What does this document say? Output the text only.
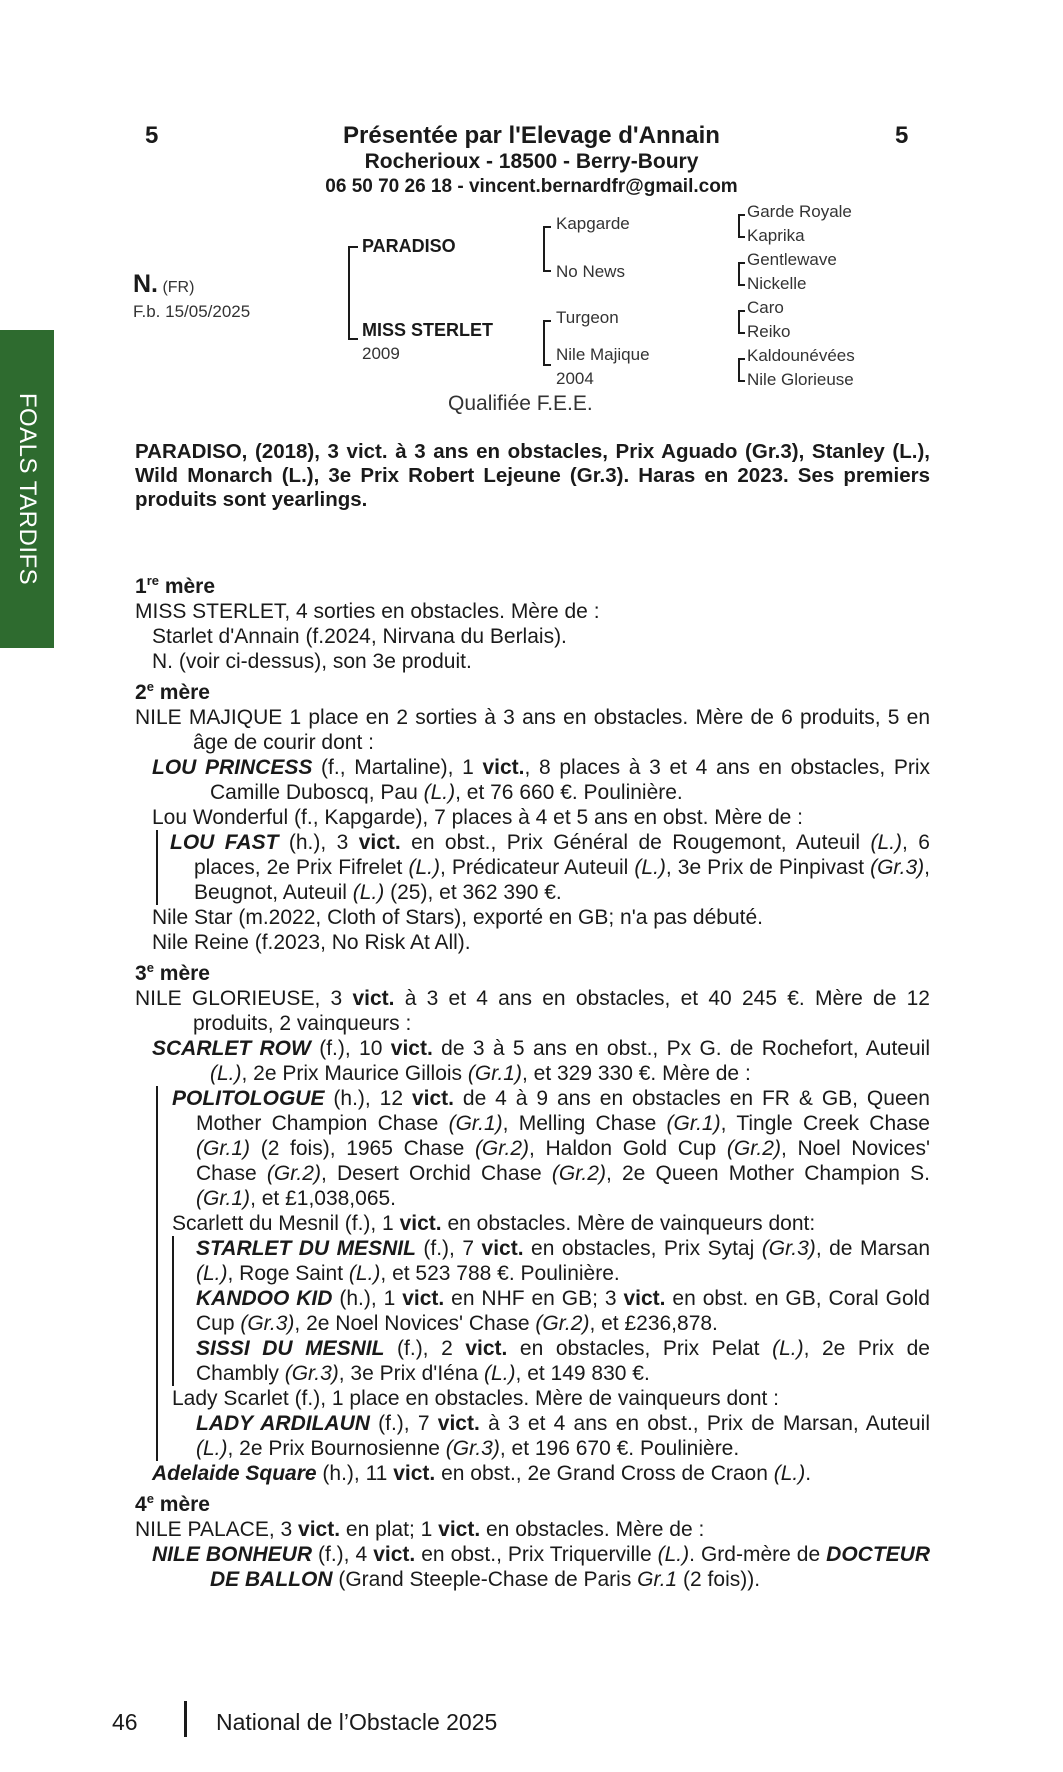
5	5
Présentée par l'Elevage d'Annain
Rocherioux - 18500 - Berry-Boury
06 50 70 26 18 - vincent.bernardfr@gmail.com
FOALS TARDIFS
N. (FR)
F.b. 15/05/2025
PARADISO
MISS STERLET
2009
Kapgarde
No News
Turgeon
Nile Majique
2004
Garde Royale
Kaprika
Gentlewave
Nickelle
Caro
Reiko
Kaldounévées
Nile Glorieuse
Qualifiée F.E.E.
PARADISO, (2018), 3 vict. à 3 ans en obstacles, Prix Aguado (Gr.3), Stanley (L.), Wild Monarch (L.), 3e Prix Robert Lejeune (Gr.3). Haras en 2023. Ses premiers produits sont yearlings.

1re mère

MISS STERLET, 4 sorties en obstacles. Mère de :

Starlet d'Annain (f.2024, Nirvana du Berlais).

N. (voir ci-dessus), son 3e produit.

2e mère

NILE MAJIQUE 1 place en 2 sorties à 3 ans en obstacles. Mère de 6 produits, 5 en âge de courir dont :

LOU PRINCESS (f., Martaline), 1 vict., 8 places à 3 et 4 ans en obstacles, Prix Camille Duboscq, Pau (L.), et 76 660 €. Poulinière.

Lou Wonderful (f., Kapgarde), 7 places à 4 et 5 ans en obst. Mère de :

LOU FAST (h.), 3 vict. en obst., Prix Général de Rougemont, Auteuil (L.), 6 places, 2e Prix Fifrelet (L.), Prédicateur Auteuil (L.), 3e Prix de Pinpivast (Gr.3), Beugnot, Auteuil (L.) (25), et 362 390 €.

Nile Star (m.2022, Cloth of Stars), exporté en GB; n'a pas débuté.

Nile Reine (f.2023, No Risk At All).

3e mère

NILE GLORIEUSE, 3 vict. à 3 et 4 ans en obstacles, et 40 245 €. Mère de 12 produits, 2 vainqueurs :

SCARLET ROW (f.), 10 vict. de 3 à 5 ans en obst., Px G. de Rochefort, Auteuil (L.), 2e Prix Maurice Gillois (Gr.1), et 329 330 €. Mère de :

POLITOLOGUE (h.), 12 vict. de 4 à 9 ans en obstacles en FR & GB, Queen Mother Champion Chase (Gr.1), Melling Chase (Gr.1), Tingle Creek Chase (Gr.1) (2 fois), 1965 Chase (Gr.2), Haldon Gold Cup (Gr.2), Noel Novices' Chase (Gr.2), Desert Orchid Chase (Gr.2), 2e Queen Mother Champion S.(Gr.1), et £1,038,065.

Scarlett du Mesnil (f.), 1 vict. en obstacles. Mère de vainqueurs dont:

STARLET DU MESNIL (f.), 7 vict. en obstacles, Prix Sytaj (Gr.3), de Marsan (L.), Roge Saint (L.), et 523 788 €. Poulinière.

KANDOO KID (h.), 1 vict. en NHF en GB; 3 vict. en obst. en GB, Coral Gold Cup (Gr.3), 2e Noel Novices' Chase (Gr.2), et £236,878.

SISSI DU MESNIL (f.), 2 vict. en obstacles, Prix Pelat (L.), 2e Prix de Chambly (Gr.3), 3e Prix d'Iéna (L.), et 149 830 €.

Lady Scarlet (f.), 1 place en obstacles. Mère de vainqueurs dont :

LADY ARDILAUN (f.), 7 vict. à 3 et 4 ans en obst., Prix de Marsan, Auteuil (L.), 2e Prix Bournosienne (Gr.3), et 196 670 €. Poulinière.

Adelaide Square (h.), 11 vict. en obst., 2e Grand Cross de Craon (L.).

4e mère

NILE PALACE, 3 vict. en plat; 1 vict. en obstacles. Mère de :

NILE BONHEUR (f.), 4 vict. en obst., Prix Triquerville (L.). Grd-mère de DOCTEUR DE BALLON (Grand Steeple-Chase de Paris Gr.1 (2 fois)).

46	National de l’Obstacle 2025
